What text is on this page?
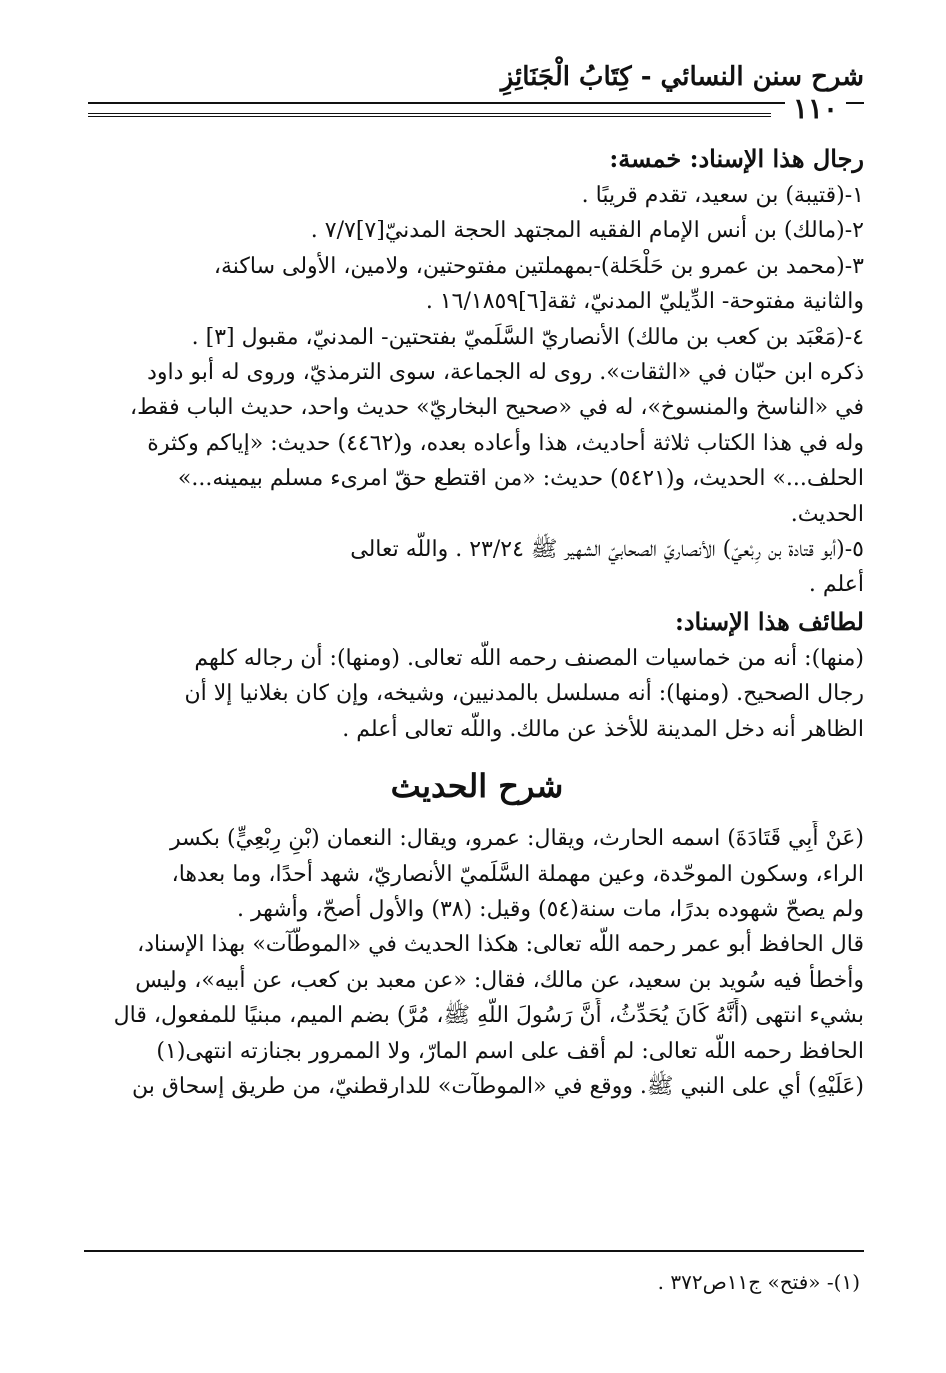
شرح سنن النسائي - كِتَابُ الْجَنَائِزِ
١١٠
رجال هذا الإسناد: خمسة:
١-(قتيبة) بن سعيد، تقدم قريبًا .
٢-(مالك) بن أنس الإمام الفقيه المجتهد الحجة المدنيّ[٧]٧/٧ .
٣-(محمد بن عمرو بن حَلْحَلة)-بمهملتين مفتوحتين، ولامين، الأولى ساكنة،
والثانية مفتوحة- الدِّيليّ المدنيّ، ثقة[٦]١٦/١٨٥٩ .
٤-(مَعْبَد بن كعب بن مالك) الأنصاريّ السَّلَميّ بفتحتين- المدنيّ، مقبول [٣] .
ذكره ابن حبّان في «الثقات». روى له الجماعة، سوى الترمذيّ، وروى له أبو داود
في «الناسخ والمنسوخ»، له في «صحيح البخاريّ» حديث واحد، حديث الباب فقط،
وله في هذا الكتاب ثلاثة أحاديث، هذا وأعاده بعده، و(٤٤٦٢) حديث: «إياكم وكثرة
الحلف...» الحديث، و(٥٤٢١) حديث: «من اقتطع حقّ امرىء مسلم بيمينه...»
الحديث.
٥-(أبو قتادة بن رِبْعيّ) الأنصاريّ الصحابيّ الشهير ﷺ ٢٣/٢٤ . واللَّه تعالى
أعلم .
لطائف هذا الإسناد:
(منها): أنه من خماسيات المصنف رحمه اللَّه تعالى. (ومنها): أن رجاله كلهم
رجال الصحيح. (ومنها): أنه مسلسل بالمدنيين، وشيخه، وإن كان بغلانيا إلا أن
الظاهر أنه دخل المدينة للأخذ عن مالك. واللَّه تعالى أعلم .
شرح الحديث
(عَنْ أَبِي قَتَادَةَ) اسمه الحارث، ويقال: عمرو، ويقال: النعمان (بْنِ رِبْعِيٍّ) بكسر
الراء، وسكون الموحّدة، وعين مهملة السَّلَميّ الأنصاريّ، شهد أحدًا، وما بعدها،
ولم يصحّ شهوده بدرًا، مات سنة(٥٤) وقيل: (٣٨) والأول أصحّ، وأشهر .
قال الحافظ أبو عمر رحمه اللَّه تعالى: هكذا الحديث في «الموطّآت» بهذا الإسناد،
وأخطأ فيه سُويد بن سعيد، عن مالك، فقال: «عن معبد بن كعب، عن أبيه»، وليس
بشيء انتهى (أَنَّهُ كَانَ يُحَدِّثُ، أَنَّ رَسُولَ اللَّهِ ﷺ، مُرَّ) بضم الميم، مبنيًا للمفعول، قال
الحافظ رحمه اللَّه تعالى: لم أقف على اسم المارّ، ولا الممرور بجنازته انتهى(١)
(عَلَيْهِ) أي على النبي ﷺ. ووقع في «الموطآت» للدارقطنيّ، من طريق إسحاق بن
(١)- «فتح» ج١١ص٣٧٢ .
